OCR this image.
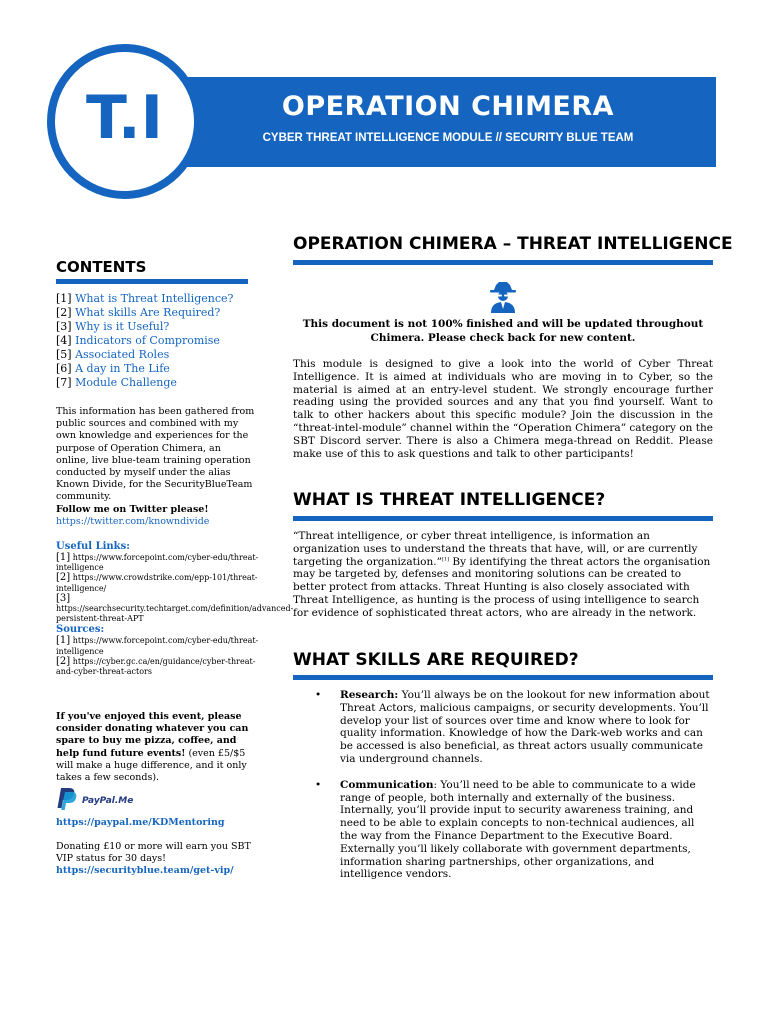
OPERATION CHIMERA
CYBER THREAT INTELLIGENCE MODULE // SECURITY BLUE TEAM
T.I
CONTENTS
[1] What is Threat Intelligence?
[2] What skills Are Required?
[3] Why is it Useful?
[4] Indicators of Compromise
[5] Associated Roles
[6] A day in The Life
[7] Module Challenge
This information has been gathered from public sources and combined with my own knowledge and experiences for the purpose of Operation Chimera, an online, live blue-team training operation conducted by myself under the alias Known Divide, for the SecurityBlueTeam community.
Follow me on Twitter please!
https://twitter.com/knowndivide
Useful Links:
[1] https://www.forcepoint.com/cyber-edu/threat-intelligence
[2] https://www.crowdstrike.com/epp-101/threat-intelligence/
[3]
https://searchsecurity.techtarget.com/definition/advanced-persistent-threat-APT
Sources:
[1] https://www.forcepoint.com/cyber-edu/threat-intelligence
[2] https://cyber.gc.ca/en/guidance/cyber-threat-and-cyber-threat-actors
If you've enjoyed this event, please consider donating whatever you can spare to buy me pizza, coffee, and help fund future events! (even £5/$5 will make a huge difference, and it only takes a few seconds).
PayPal.Me
https://paypal.me/KDMentoring
Donating £10 or more will earn you SBT VIP status for 30 days!
https://securityblue.team/get-vip/
OPERATION CHIMERA – THREAT INTELLIGENCE
This document is not 100% finished and will be updated throughout Chimera. Please check back for new content.
This module is designed to give a look into the world of Cyber Threat Intelligence. It is aimed at individuals who are moving in to Cyber, so the material is aimed at an entry-level student. We strongly encourage further reading using the provided sources and any that you find yourself. Want to talk to other hackers about this specific module? Join the discussion in the “threat-intel-module” channel within the “Operation Chimera” category on the SBT Discord server. There is also a Chimera mega-thread on Reddit. Please make use of this to ask questions and talk to other participants!
WHAT IS THREAT INTELLIGENCE?
“Threat intelligence, or cyber threat intelligence, is information an organization uses to understand the threats that have, will, or are currently targeting the organization.”[1] By identifying the threat actors the organisation may be targeted by, defenses and monitoring solutions can be created to better protect from attacks. Threat Hunting is also closely associated with Threat Intelligence, as hunting is the process of using intelligence to search for evidence of sophisticated threat actors, who are already in the network.
WHAT SKILLS ARE REQUIRED?
• Research: You’ll always be on the lookout for new information about Threat Actors, malicious campaigns, or security developments. You’ll develop your list of sources over time and know where to look for quality information. Knowledge of how the Dark-web works and can be accessed is also beneficial, as threat actors usually communicate via underground channels.
• Communication: You’ll need to be able to communicate to a wide range of people, both internally and externally of the business. Internally, you’ll provide input to security awareness training, and need to be able to explain concepts to non-technical audiences, all the way from the Finance Department to the Executive Board. Externally you’ll likely collaborate with government departments, information sharing partnerships, other organizations, and intelligence vendors.
